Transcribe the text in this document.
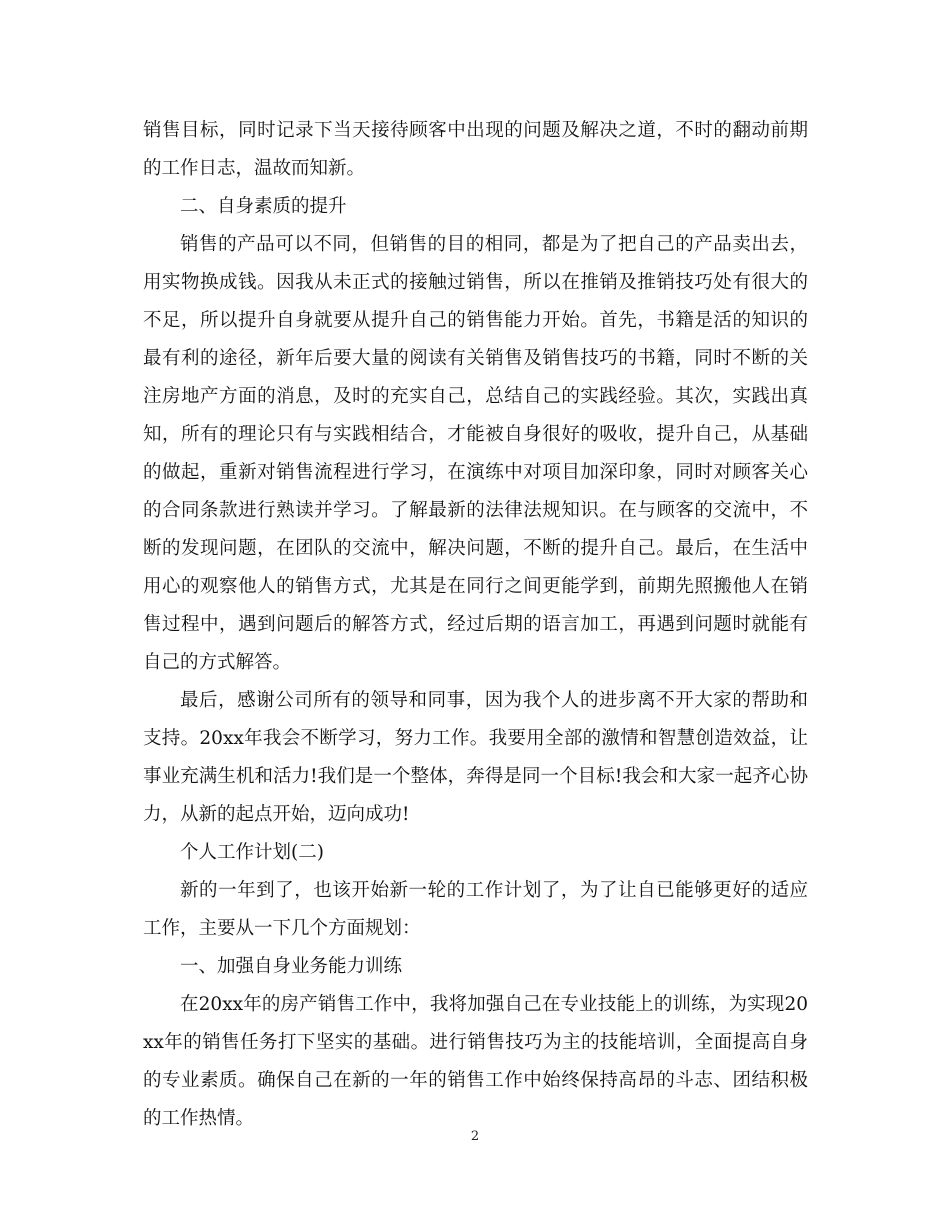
销售目标，同时记录下当天接待顾客中出现的问题及解决之道，不时的翻动前期的工作日志，温故而知新。

二、自身素质的提升

销售的产品可以不同，但销售的目的相同，都是为了把自己的产品卖出去，用实物换成钱。因我从未正式的接触过销售，所以在推销及推销技巧处有很大的不足，所以提升自身就要从提升自己的销售能力开始。首先，书籍是活的知识的最有利的途径，新年后要大量的阅读有关销售及销售技巧的书籍，同时不断的关注房地产方面的消息，及时的充实自己，总结自己的实践经验。其次，实践出真知，所有的理论只有与实践相结合，才能被自身很好的吸收，提升自己，从基础的做起，重新对销售流程进行学习，在演练中对项目加深印象，同时对顾客关心的合同条款进行熟读并学习。了解最新的法律法规知识。在与顾客的交流中，不断的发现问题，在团队的交流中，解决问题，不断的提升自己。最后，在生活中用心的观察他人的销售方式，尤其是在同行之间更能学到，前期先照搬他人在销售过程中，遇到问题后的解答方式，经过后期的语言加工，再遇到问题时就能有自己的方式解答。

最后，感谢公司所有的领导和同事，因为我个人的进步离不开大家的帮助和支持。20xx年我会不断学习，努力工作。我要用全部的激情和智慧创造效益，让事业充满生机和活力!我们是一个整体，奔得是同一个目标!我会和大家一起齐心协力，从新的起点开始，迈向成功!

个人工作计划(二)

新的一年到了，也该开始新一轮的工作计划了，为了让自已能够更好的适应工作，主要从一下几个方面规划：

一、加强自身业务能力训练

在20xx年的房产销售工作中，我将加强自己在专业技能上的训练，为实现20xx年的销售任务打下坚实的基础。进行销售技巧为主的技能培训，全面提高自身的专业素质。确保自己在新的一年的销售工作中始终保持高昂的斗志、团结积极的工作热情。

2
